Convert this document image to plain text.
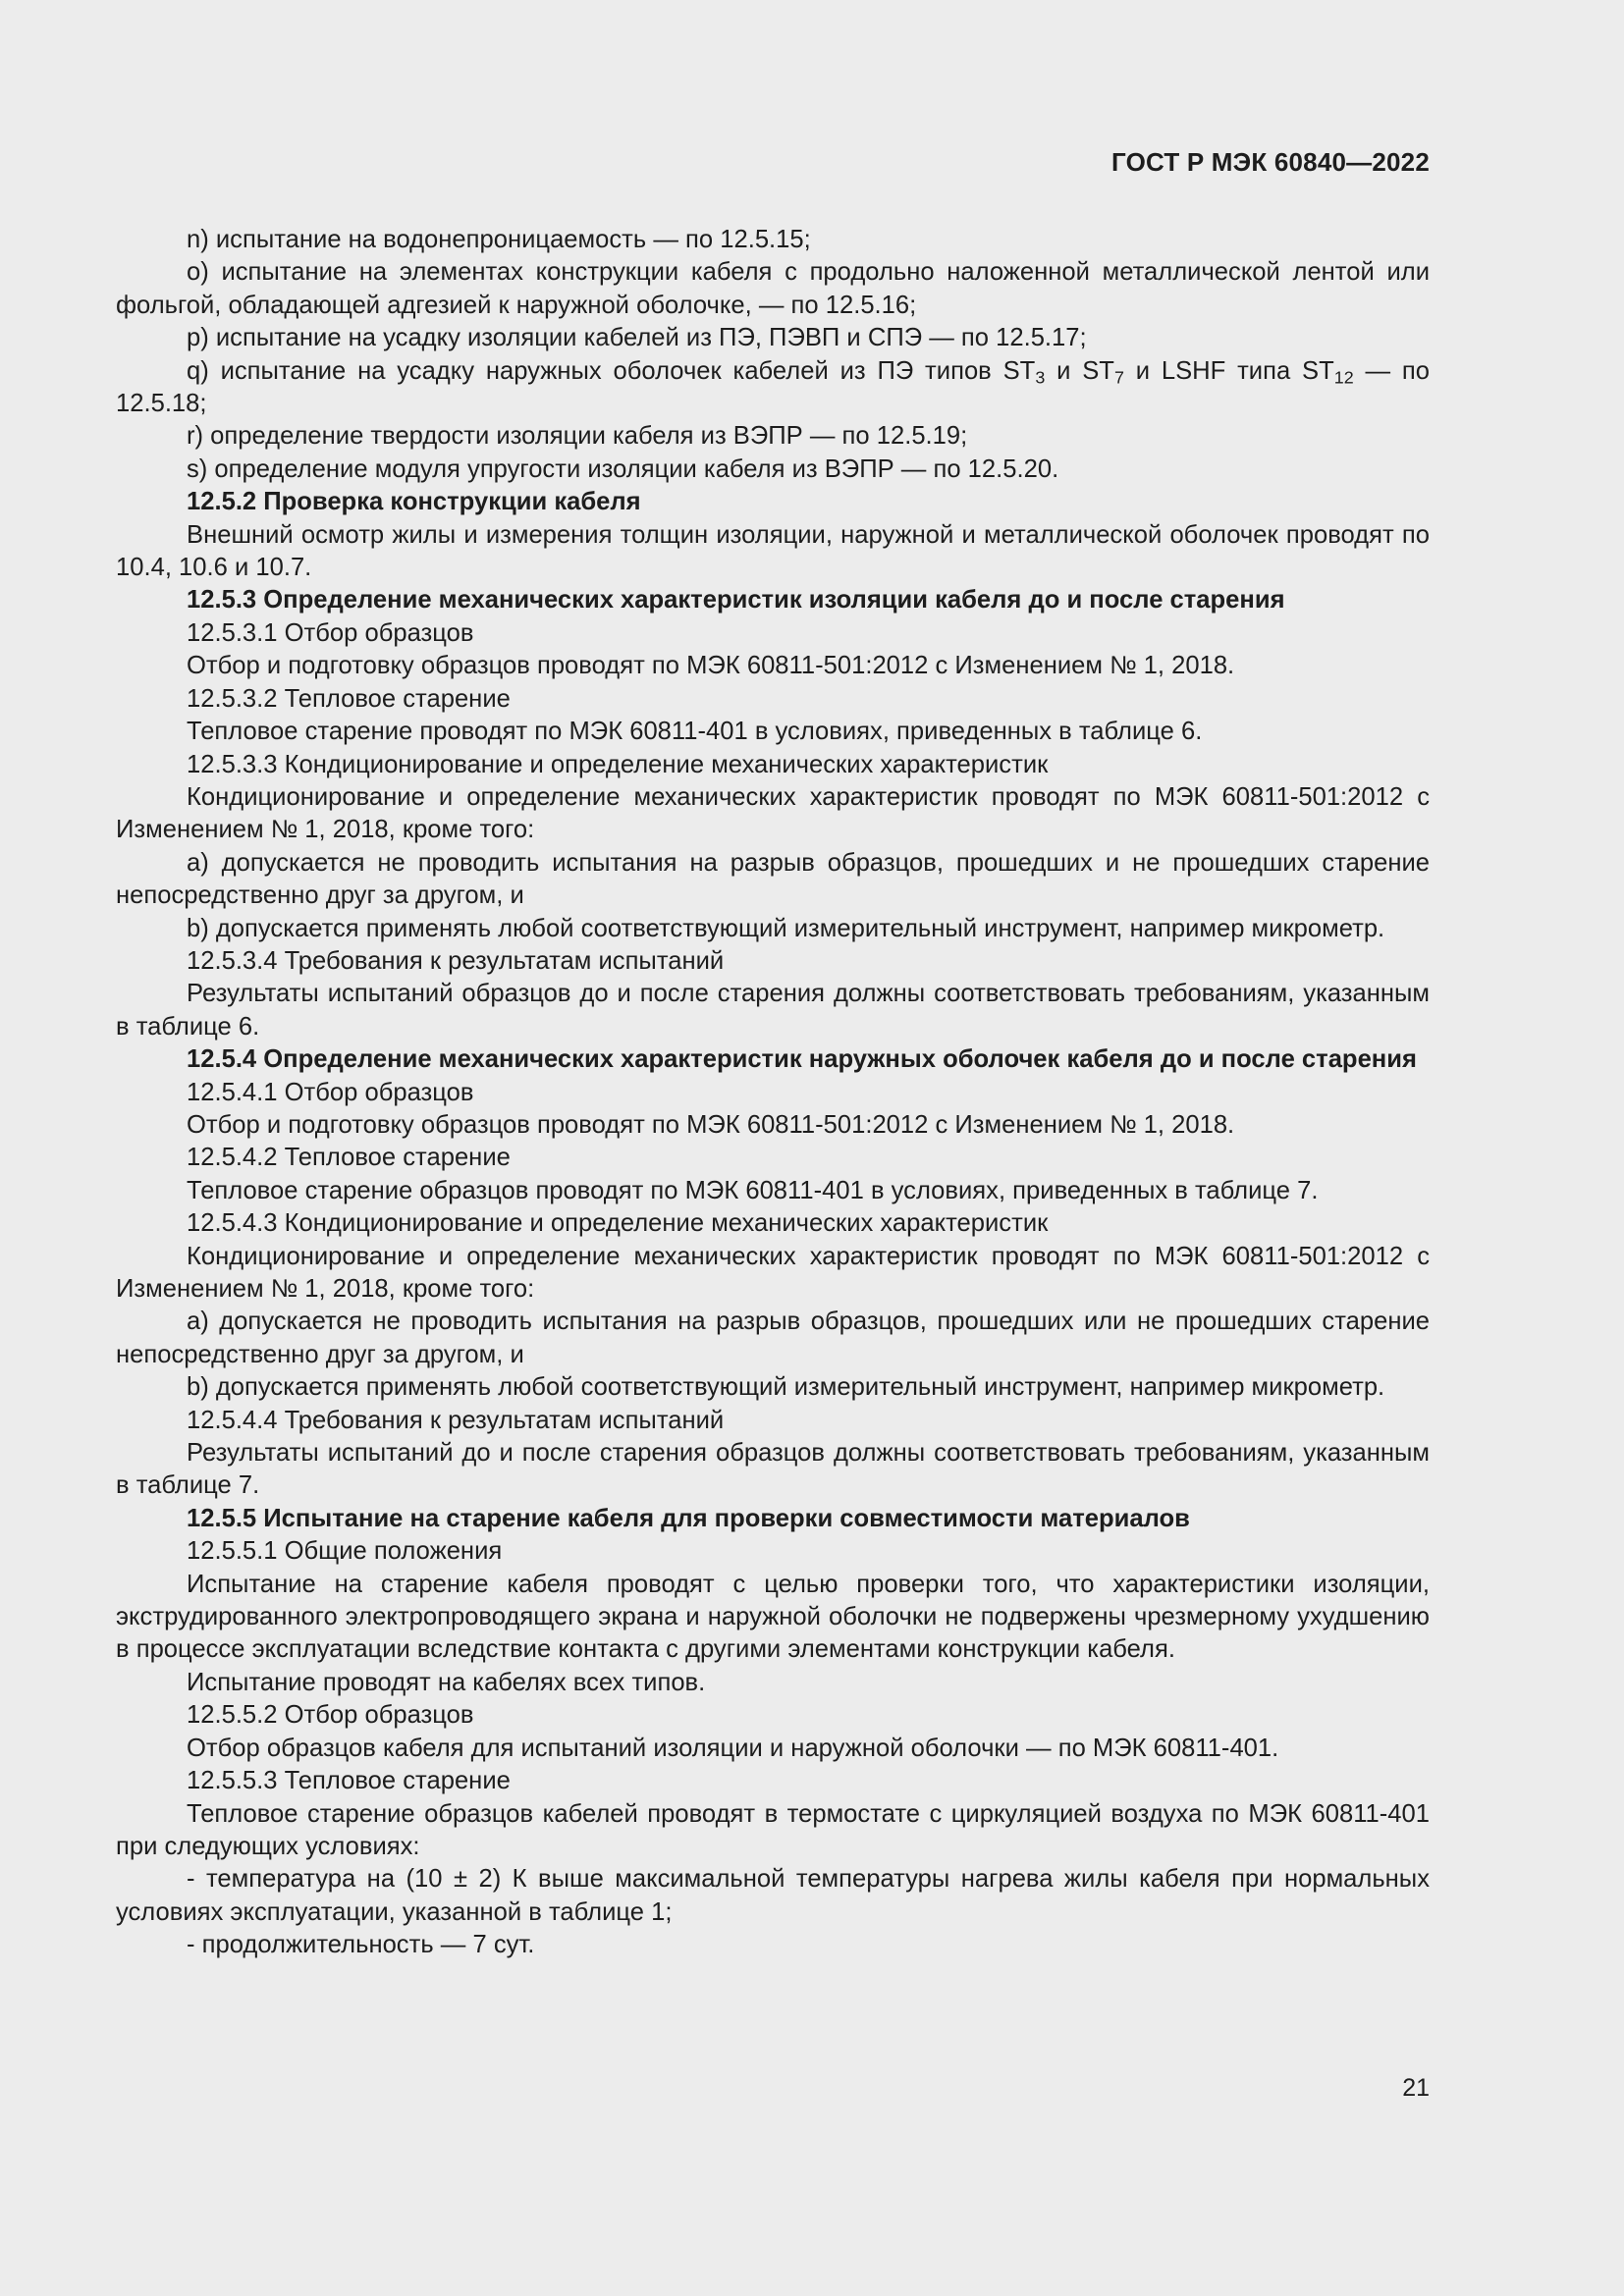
ГОСТ Р МЭК 60840—2022

n) испытание на водонепроницаемость — по 12.5.15;

o) испытание на элементах конструкции кабеля с продольно наложенной металлической лентой или фольгой, обладающей адгезией к наружной оболочке, — по 12.5.16;

p) испытание на усадку изоляции кабелей из ПЭ, ПЭВП и СПЭ — по 12.5.17;

q) испытание на усадку наружных оболочек кабелей из ПЭ типов $ST_3$ и $ST_7$ и LSHF типа $ST_{12}$ — по 12.5.18;

r) определение твердости изоляции кабеля из ВЭПР — по 12.5.19;

s) определение модуля упругости изоляции кабеля из ВЭПР — по 12.5.20.

12.5.2 Проверка конструкции кабеля

Внешний осмотр жилы и измерения толщин изоляции, наружной и металлической оболочек проводят по 10.4, 10.6 и 10.7.

12.5.3 Определение механических характеристик изоляции кабеля до и после старения

12.5.3.1 Отбор образцов

Отбор и подготовку образцов проводят по МЭК 60811-501:2012 с Изменением № 1, 2018.

12.5.3.2 Тепловое старение

Тепловое старение проводят по МЭК 60811-401 в условиях, приведенных в таблице 6.

12.5.3.3 Кондиционирование и определение механических характеристик

Кондиционирование и определение механических характеристик проводят по МЭК 60811-501:2012 с Изменением № 1, 2018, кроме того:

a) допускается не проводить испытания на разрыв образцов, прошедших и не прошедших старение непосредственно друг за другом, и

b) допускается применять любой соответствующий измерительный инструмент, например микрометр.

12.5.3.4 Требования к результатам испытаний

Результаты испытаний образцов до и после старения должны соответствовать требованиям, указанным в таблице 6.

12.5.4 Определение механических характеристик наружных оболочек кабеля до и после старения

12.5.4.1 Отбор образцов

Отбор и подготовку образцов проводят по МЭК 60811-501:2012 с Изменением № 1, 2018.

12.5.4.2 Тепловое старение

Тепловое старение образцов проводят по МЭК 60811-401 в условиях, приведенных в таблице 7.

12.5.4.3 Кондиционирование и определение механических характеристик

Кондиционирование и определение механических характеристик проводят по МЭК 60811-501:2012 с Изменением № 1, 2018, кроме того:

a) допускается не проводить испытания на разрыв образцов, прошедших или не прошедших старение непосредственно друг за другом, и

b) допускается применять любой соответствующий измерительный инструмент, например микрометр.

12.5.4.4 Требования к результатам испытаний

Результаты испытаний до и после старения образцов должны соответствовать требованиям, указанным в таблице 7.

12.5.5 Испытание на старение кабеля для проверки совместимости материалов

12.5.5.1 Общие положения

Испытание на старение кабеля проводят с целью проверки того, что характеристики изоляции, экструдированного электропроводящего экрана и наружной оболочки не подвержены чрезмерному ухудшению в процессе эксплуатации вследствие контакта с другими элементами конструкции кабеля.

Испытание проводят на кабелях всех типов.

12.5.5.2 Отбор образцов

Отбор образцов кабеля для испытаний изоляции и наружной оболочки — по МЭК 60811-401.

12.5.5.3 Тепловое старение

Тепловое старение образцов кабелей проводят в термостате с циркуляцией воздуха по МЭК 60811-401 при следующих условиях:

- температура на (10 ± 2) К выше максимальной температуры нагрева жилы кабеля при нормальных условиях эксплуатации, указанной в таблице 1;

- продолжительность — 7 сут.

21
